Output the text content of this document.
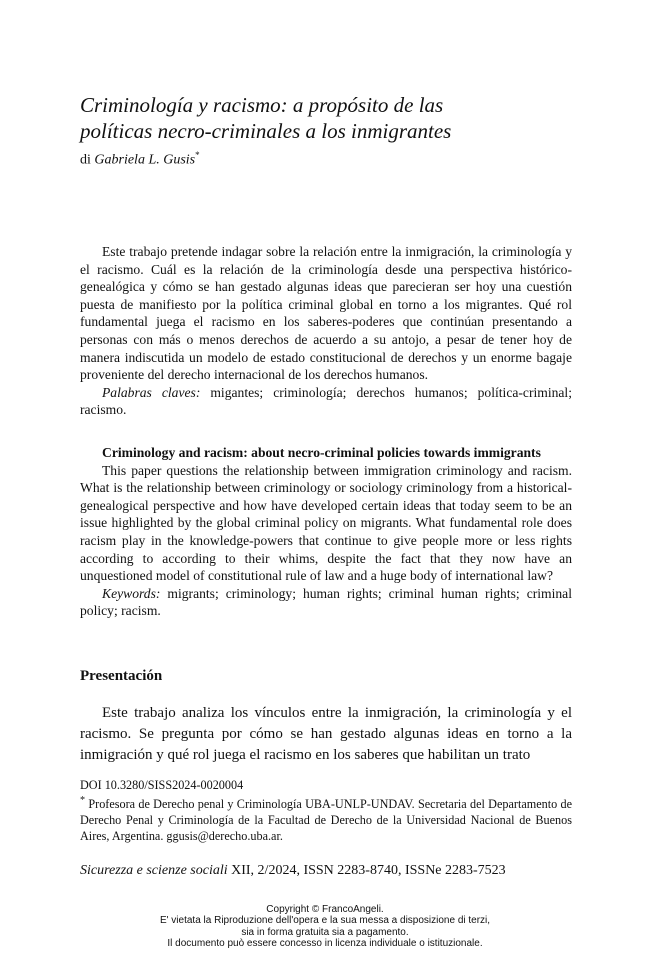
Criminología y racismo: a propósito de las
políticas necro-criminales a los inmigrantes
di Gabriela L. Gusis*

Este trabajo pretende indagar sobre la relación entre la inmigración, la criminología y el racismo. Cuál es la relación de la criminología desde una perspectiva histórico- genealógica y cómo se han gestado algunas ideas que parecieran ser hoy una cuestión puesta de manifiesto por la política criminal global en torno a los migrantes. Qué rol fundamental juega el racismo en los saberes-poderes que continúan presentando a personas con más o menos derechos de acuerdo a su antojo, a pesar de tener hoy de manera indiscutida un modelo de estado constitucional de derechos y un enorme bagaje proveniente del derecho internacional de los derechos humanos.

Palabras claves: migantes; criminología; derechos humanos; política-criminal; racismo.

Criminology and racism: about necro-criminal policies towards immigrants

This paper questions the relationship between immigration criminology and racism. What is the relationship between criminology or sociology criminology from a historical-genealogical perspective and how have developed certain ideas that today seem to be an issue highlighted by the global criminal policy on migrants. What fundamental role does racism play in the knowledge-powers that continue to give people more or less rights according to according to their whims, despite the fact that they now have an unquestioned model of constitutional rule of law and a huge body of international law?

Keywords: migrants; criminology; human rights; criminal human rights; criminal policy; racism.

Presentación

Este trabajo analiza los vínculos entre la inmigración, la criminología y el racismo. Se pregunta por cómo se han gestado algunas ideas en torno a la inmigración y qué rol juega el racismo en los saberes que habilitan un trato

DOI 10.3280/SISS2024-0020004

* Profesora de Derecho penal y Criminología UBA-UNLP-UNDAV. Secretaria del Departamento de Derecho Penal y Criminología de la Facultad de Derecho de la Universidad Nacional de Buenos Aires, Argentina. ggusis@derecho.uba.ar.

Sicurezza e scienze sociali XII, 2/2024, ISSN 2283-8740, ISSNe 2283-7523
Copyright © FrancoAngeli.
E' vietata la Riproduzione dell'opera e la sua messa a disposizione di terzi,
sia in forma gratuita sia a pagamento.
Il documento può essere concesso in licenza individuale o istituzionale.
